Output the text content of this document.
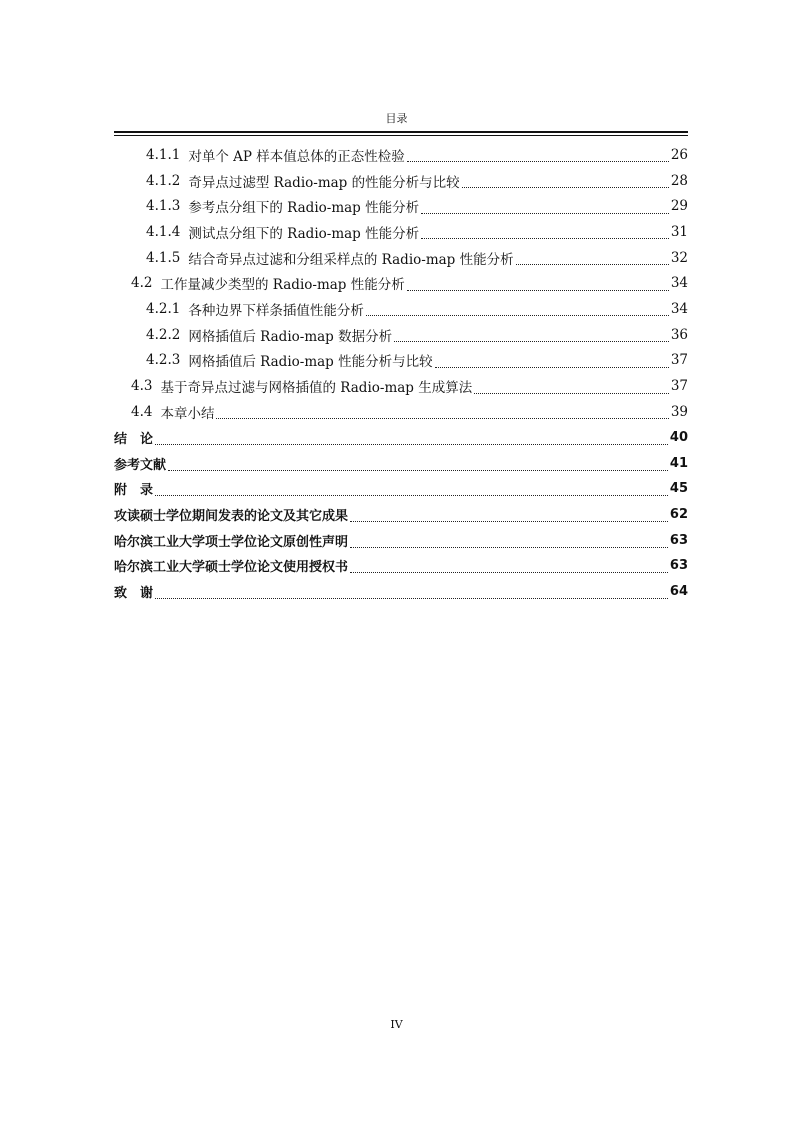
目录
4.1.1 对单个 AP 样本值总体的正态性检验	26
4.1.2 奇异点过滤型 Radio-map 的性能分析与比较	28
4.1.3 参考点分组下的 Radio-map 性能分析	29
4.1.4 测试点分组下的 Radio-map 性能分析	31
4.1.5 结合奇异点过滤和分组采样点的 Radio-map 性能分析	32
4.2 工作量减少类型的 Radio-map 性能分析	34
4.2.1 各种边界下样条插值性能分析	34
4.2.2 网格插值后 Radio-map 数据分析	36
4.2.3 网格插值后 Radio-map 性能分析与比较	37
4.3 基于奇异点过滤与网格插值的 Radio-map 生成算法	37
4.4 本章小结	39
结　论	40
参考文献	41
附　录	45
攻读硕士学位期间发表的论文及其它成果	62
哈尔滨工业大学项士学位论文原创性声明	63
哈尔滨工业大学硕士学位论文使用授权书	63
致　谢	64
IV
